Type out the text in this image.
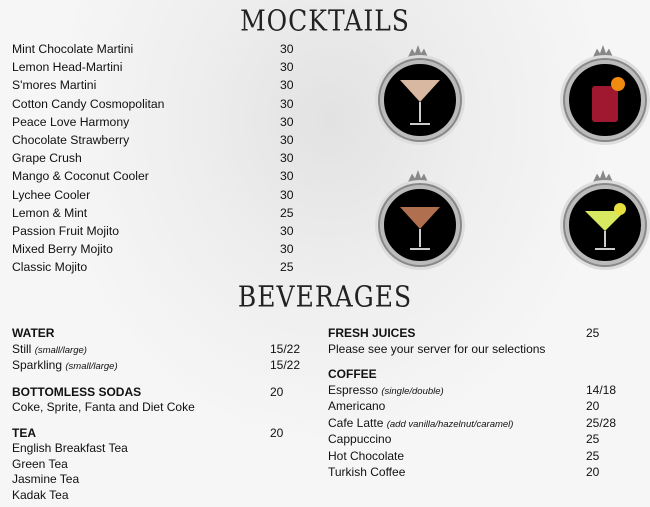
MOCKTAILS
Mint Chocolate Martini	30
Lemon Head-Martini	30
S'mores Martini	30
Cotton Candy Cosmopolitan	30
Peace Love Harmony	30
Chocolate Strawberry	30
Grape Crush	30
Mango & Coconut Cooler	30
Lychee Cooler	30
Lemon & Mint	25
Passion Fruit Mojito	30
Mixed Berry Mojito	30
Classic Mojito	25
BEVERAGES
WATER
Still (small/large)	15/22
Sparkling (small/large)	15/22
BOTTOMLESS SODAS	20
Coke, Sprite, Fanta and Diet Coke
TEA	20
English Breakfast Tea
Green Tea
Jasmine Tea
Kadak Tea
FRESH JUICES	25
Please see your server for our selections
COFFEE
Espresso (single/double)	14/18
Americano	20
Cafe Latte (add vanilla/hazelnut/caramel)	25/28
Cappuccino	25
Hot Chocolate	25
Turkish Coffee	20
